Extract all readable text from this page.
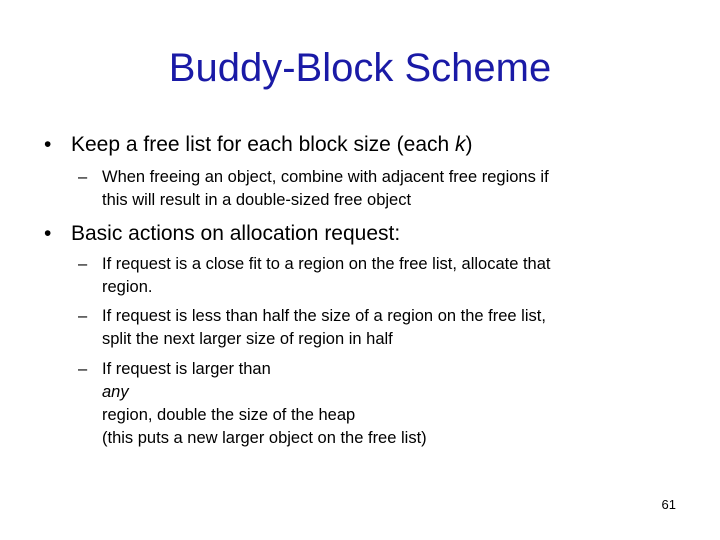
Buddy-Block Scheme
• Keep a free list for each block size (each k)
– When freeing an object, combine with adjacent free regions if
this will result in a double-sized free object
• Basic actions on allocation request:
– If request is a close fit to a region on the free list, allocate that
region.
– If request is less than half the size of a region on the free list,
split the next larger size of region in half
– If request is larger than
any
region, double the size of the heap
(this puts a new larger object on the free list)
61
